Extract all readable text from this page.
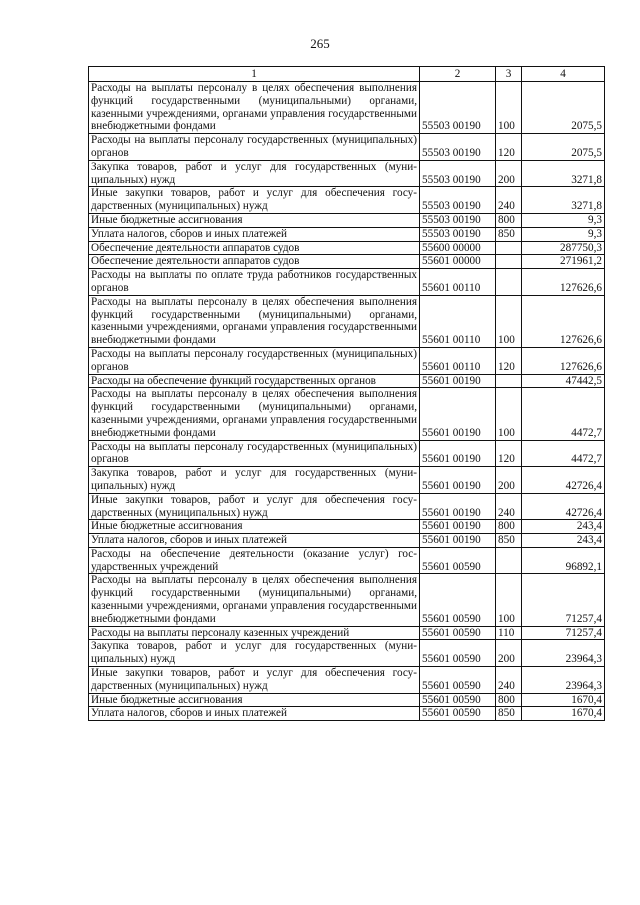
265
1	2	3	4
Расходы на выплаты персоналу в целях обеспечения выполнения функций государственными (муниципальными) органами, казенными учреждениями, органами управления государственными внебюджетными фондами	55503 00190	100	2075,5
Расходы на выплаты персоналу государственных (муниципальных) органов	55503 00190	120	2075,5
Закупка товаров, работ и услуг для государственных (муниципальных) нужд	55503 00190	200	3271,8
Иные закупки товаров, работ и услуг для обеспечения государственных (муниципальных) нужд	55503 00190	240	3271,8
Иные бюджетные ассигнования	55503 00190	800	9,3
Уплата налогов, сборов и иных платежей	55503 00190	850	9,3
Обеспечение деятельности аппаратов судов	55600 00000		287750,3
Обеспечение деятельности аппаратов судов	55601 00000		271961,2
Расходы на выплаты по оплате труда работников государственных органов	55601 00110		127626,6
Расходы на выплаты персоналу в целях обеспечения выполнения функций государственными (муниципальными) органами, казенными учреждениями, органами управления государственными внебюджетными фондами	55601 00110	100	127626,6
Расходы на выплаты персоналу государственных (муниципальных) органов	55601 00110	120	127626,6
Расходы на обеспечение функций государственных органов	55601 00190		47442,5
Расходы на выплаты персоналу в целях обеспечения выполнения функций государственными (муниципальными) органами, казенными учреждениями, органами управления государственными внебюджетными фондами	55601 00190	100	4472,7
Расходы на выплаты персоналу государственных (муниципальных) органов	55601 00190	120	4472,7
Закупка товаров, работ и услуг для государственных (муниципальных) нужд	55601 00190	200	42726,4
Иные закупки товаров, работ и услуг для обеспечения государственных (муниципальных) нужд	55601 00190	240	42726,4
Иные бюджетные ассигнования	55601 00190	800	243,4
Уплата налогов, сборов и иных платежей	55601 00190	850	243,4
Расходы на обеспечение деятельности (оказание услуг) государственных учреждений	55601 00590		96892,1
Расходы на выплаты персоналу в целях обеспечения выполнения функций государственными (муниципальными) органами, казенными учреждениями, органами управления государственными внебюджетными фондами	55601 00590	100	71257,4
Расходы на выплаты персоналу казенных учреждений	55601 00590	110	71257,4
Закупка товаров, работ и услуг для государственных (муниципальных) нужд	55601 00590	200	23964,3
Иные закупки товаров, работ и услуг для обеспечения государственных (муниципальных) нужд	55601 00590	240	23964,3
Иные бюджетные ассигнования	55601 00590	800	1670,4
Уплата налогов, сборов и иных платежей	55601 00590	850	1670,4
